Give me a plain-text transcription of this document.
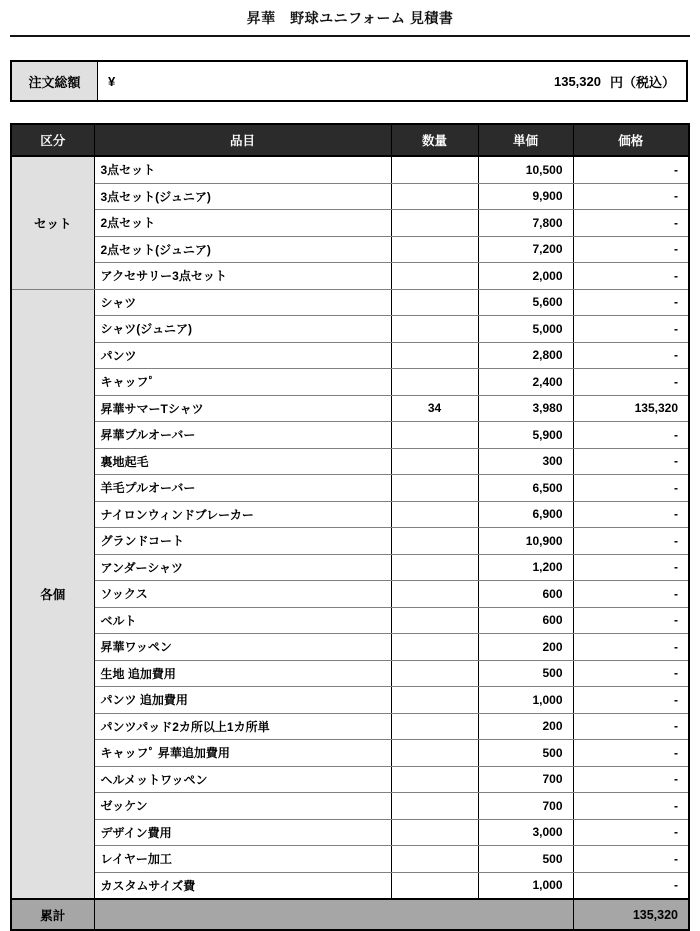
昇華　野球ユニフォーム 見積書
注文総額	¥	135,320 円（税込）
区分	品目	数量	単価	価格
セット	3点セット		10,500	-
	3点セット(ジュニア)		9,900	-
	2点セット		7,800	-
	2点セット(ジュニア)		7,200	-
	アクセサリー3点セット		2,000	-
各個	シャツ		5,600	-
	シャツ(ジュニア)		5,000	-
	パンツ		2,800	-
	キャッフﾟ		2,400	-
	昇華サマーTシャツ	34	3,980	135,320
	昇華プルオーバー		5,900	-
	裏地起毛		300	-
	羊毛プルオーバー		6,500	-
	ナイロンウィンドブレーカー		6,900	-
	グランドコート		10,900	-
	アンダーシャツ		1,200	-
	ソックス		600	-
	ベルト		600	-
	昇華ワッペン		200	-
	生地 追加費用		500	-
	パンツ 追加費用		1,000	-
	パンツパッド2カ所以上1カ所単		200	-
	キャッフﾟ 昇華追加費用		500	-
	ヘルメットワッペン		700	-
	ゼッケン		700	-
	デザイン費用		3,000	-
	レイヤー加工		500	-
	カスタムサイズ費		1,000	-
累計				135,320
